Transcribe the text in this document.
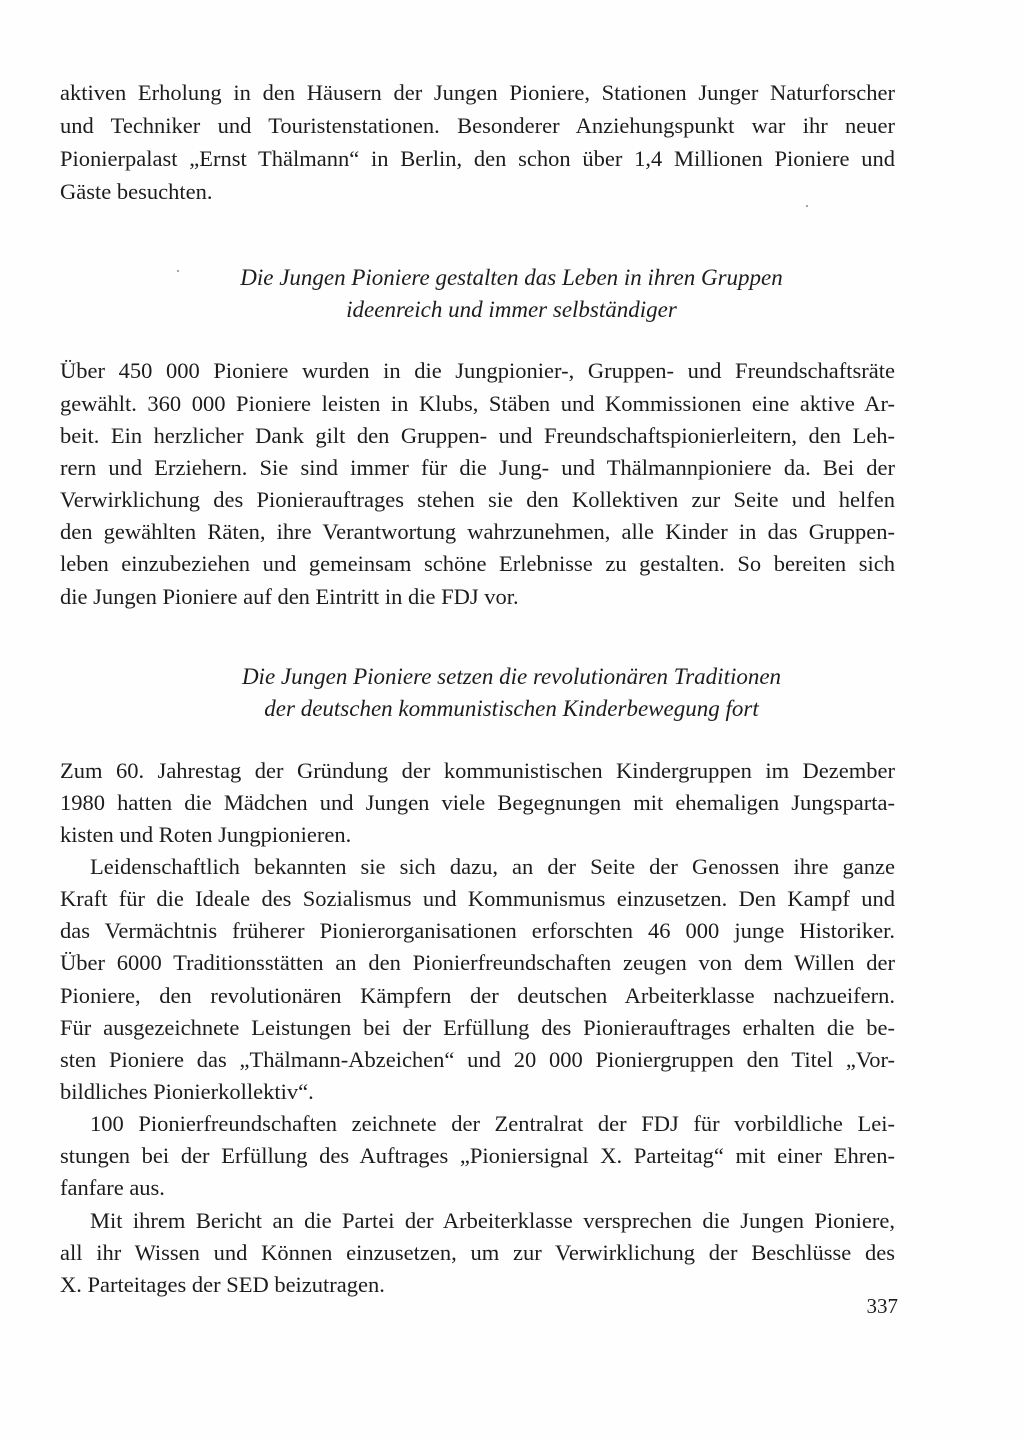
aktiven Erholung in den Häusern der Jungen Pioniere, Stationen Junger Naturforscher
und Techniker und Touristenstationen. Besonderer Anziehungspunkt war ihr neuer
Pionierpalast „Ernst Thälmann“ in Berlin, den schon über 1,4 Millionen Pioniere und
Gäste besuchten.
Die Jungen Pioniere gestalten das Leben in ihren Gruppen
ideenreich und immer selbständiger
Über 450 000 Pioniere wurden in die Jungpionier-, Gruppen- und Freundschaftsräte
gewählt. 360 000 Pioniere leisten in Klubs, Stäben und Kommissionen eine aktive Ar-
beit. Ein herzlicher Dank gilt den Gruppen- und Freundschaftspionierleitern, den Leh-
rern und Erziehern. Sie sind immer für die Jung- und Thälmannpioniere da. Bei der
Verwirklichung des Pionierauftrages stehen sie den Kollektiven zur Seite und helfen
den gewählten Räten, ihre Verantwortung wahrzunehmen, alle Kinder in das Gruppen-
leben einzubeziehen und gemeinsam schöne Erlebnisse zu gestalten. So bereiten sich
die Jungen Pioniere auf den Eintritt in die FDJ vor.
Die Jungen Pioniere setzen die revolutionären Traditionen
der deutschen kommunistischen Kinderbewegung fort
Zum 60. Jahrestag der Gründung der kommunistischen Kindergruppen im Dezember
1980 hatten die Mädchen und Jungen viele Begegnungen mit ehemaligen Jungsparta-
kisten und Roten Jungpionieren.
Leidenschaftlich bekannten sie sich dazu, an der Seite der Genossen ihre ganze
Kraft für die Ideale des Sozialismus und Kommunismus einzusetzen. Den Kampf und
das Vermächtnis früherer Pionierorganisationen erforschten 46 000 junge Historiker.
Über 6000 Traditionsstätten an den Pionierfreundschaften zeugen von dem Willen der
Pioniere, den revolutionären Kämpfern der deutschen Arbeiterklasse nachzueifern.
Für ausgezeichnete Leistungen bei der Erfüllung des Pionierauftrages erhalten die be-
sten Pioniere das „Thälmann-Abzeichen“ und 20 000 Pioniergruppen den Titel „Vor-
bildliches Pionierkollektiv“.
100 Pionierfreundschaften zeichnete der Zentralrat der FDJ für vorbildliche Lei-
stungen bei der Erfüllung des Auftrages „Pioniersignal X. Parteitag“ mit einer Ehren-
fanfare aus.
Mit ihrem Bericht an die Partei der Arbeiterklasse versprechen die Jungen Pioniere,
all ihr Wissen und Können einzusetzen, um zur Verwirklichung der Beschlüsse des
X. Parteitages der SED beizutragen.
337
